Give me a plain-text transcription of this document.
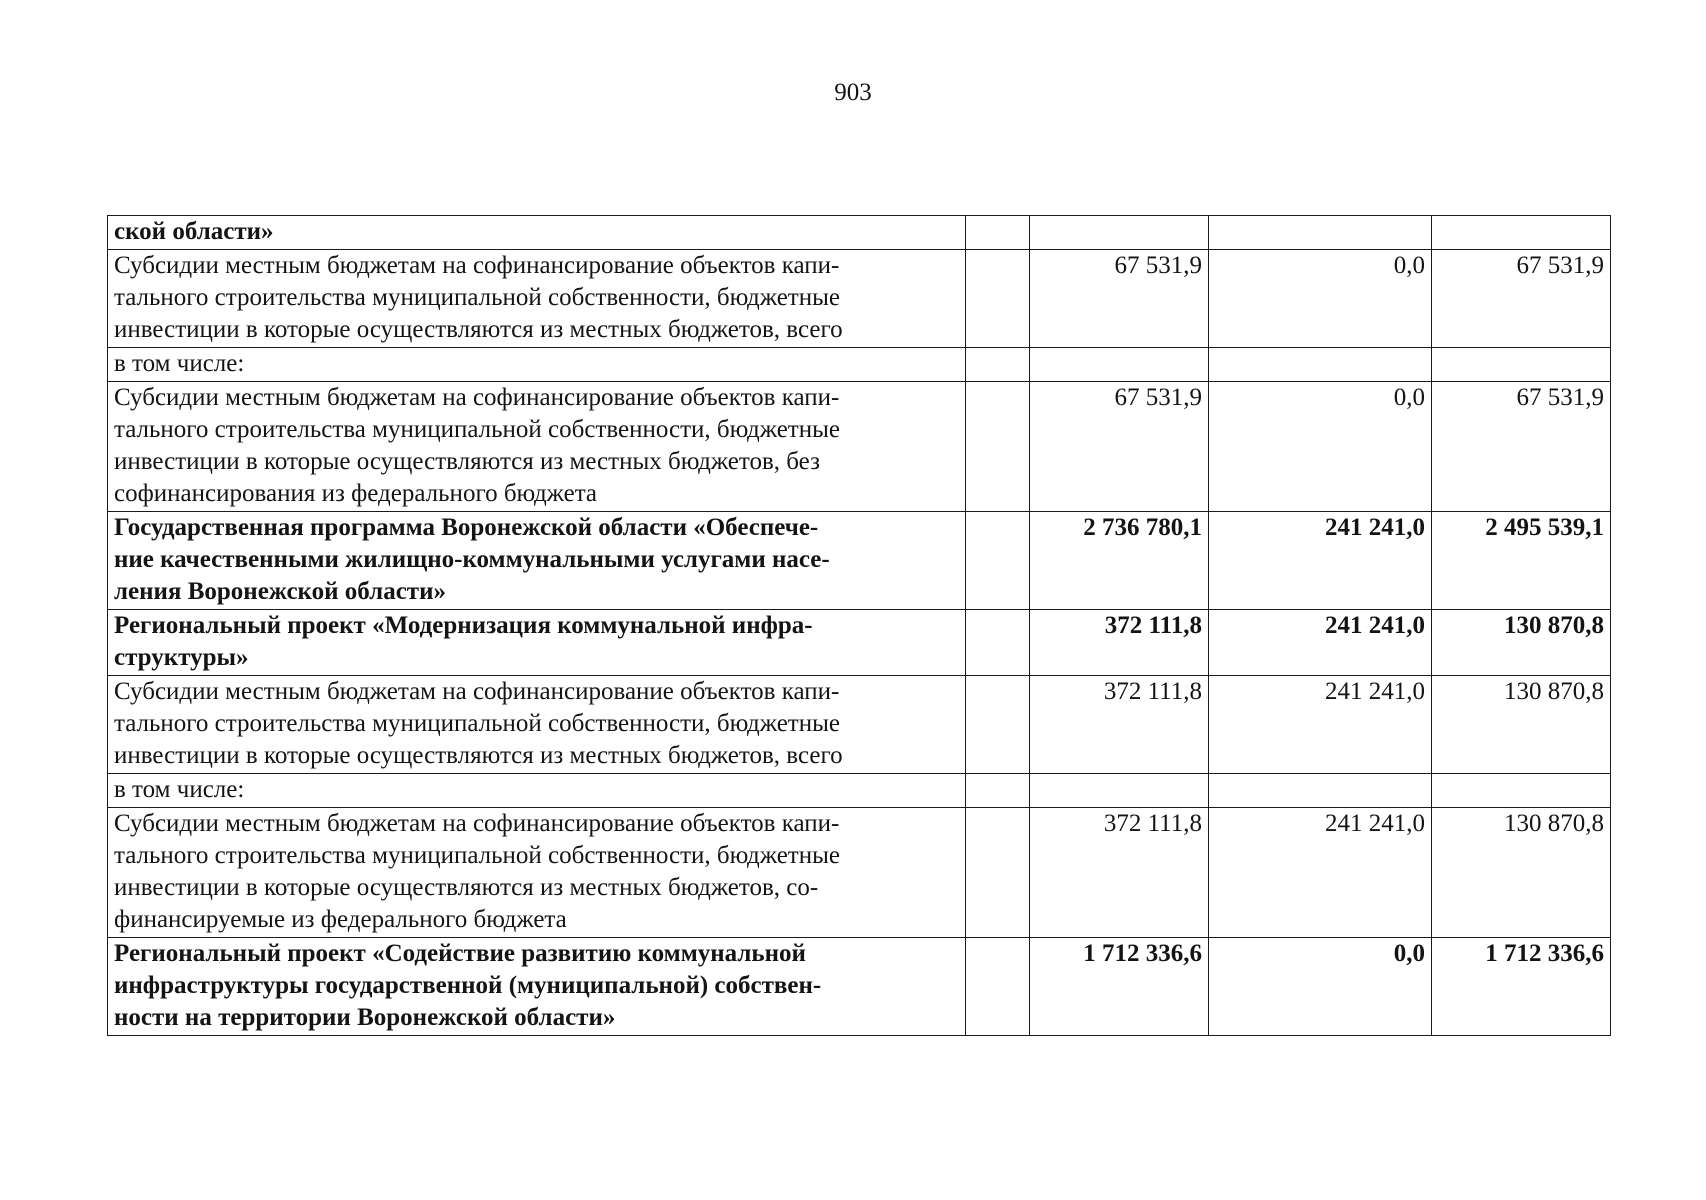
903
ской области»				

Субсидии местным бюджетам на софинансирование объектов капи-
тального строительства муниципальной собственности, бюджетные
инвестиции в которые осуществляются из местных бюджетов, всего		67 531,9	0,0	67 531,9

в том числе:				

Субсидии местным бюджетам на софинансирование объектов капи-
тального строительства муниципальной собственности, бюджетные
инвестиции в которые осуществляются из местных бюджетов, без
софинансирования из федерального бюджета		67 531,9	0,0	67 531,9

Государственная программа Воронежской области «Обеспече-
ние качественными жилищно-коммунальными услугами насе-
ления Воронежской области»		2 736 780,1	241 241,0	2 495 539,1

Региональный проект «Модернизация коммунальной инфра-
структуры»		372 111,8	241 241,0	130 870,8

Субсидии местным бюджетам на софинансирование объектов капи-
тального строительства муниципальной собственности, бюджетные
инвестиции в которые осуществляются из местных бюджетов, всего		372 111,8	241 241,0	130 870,8

в том числе:				

Субсидии местным бюджетам на софинансирование объектов капи-
тального строительства муниципальной собственности, бюджетные
инвестиции в которые осуществляются из местных бюджетов, со-
финансируемые из федерального бюджета		372 111,8	241 241,0	130 870,8

Региональный проект «Содействие развитию коммунальной
инфраструктуры государственной (муниципальной) собствен-
ности на территории Воронежской области»		1 712 336,6	0,0	1 712 336,6
